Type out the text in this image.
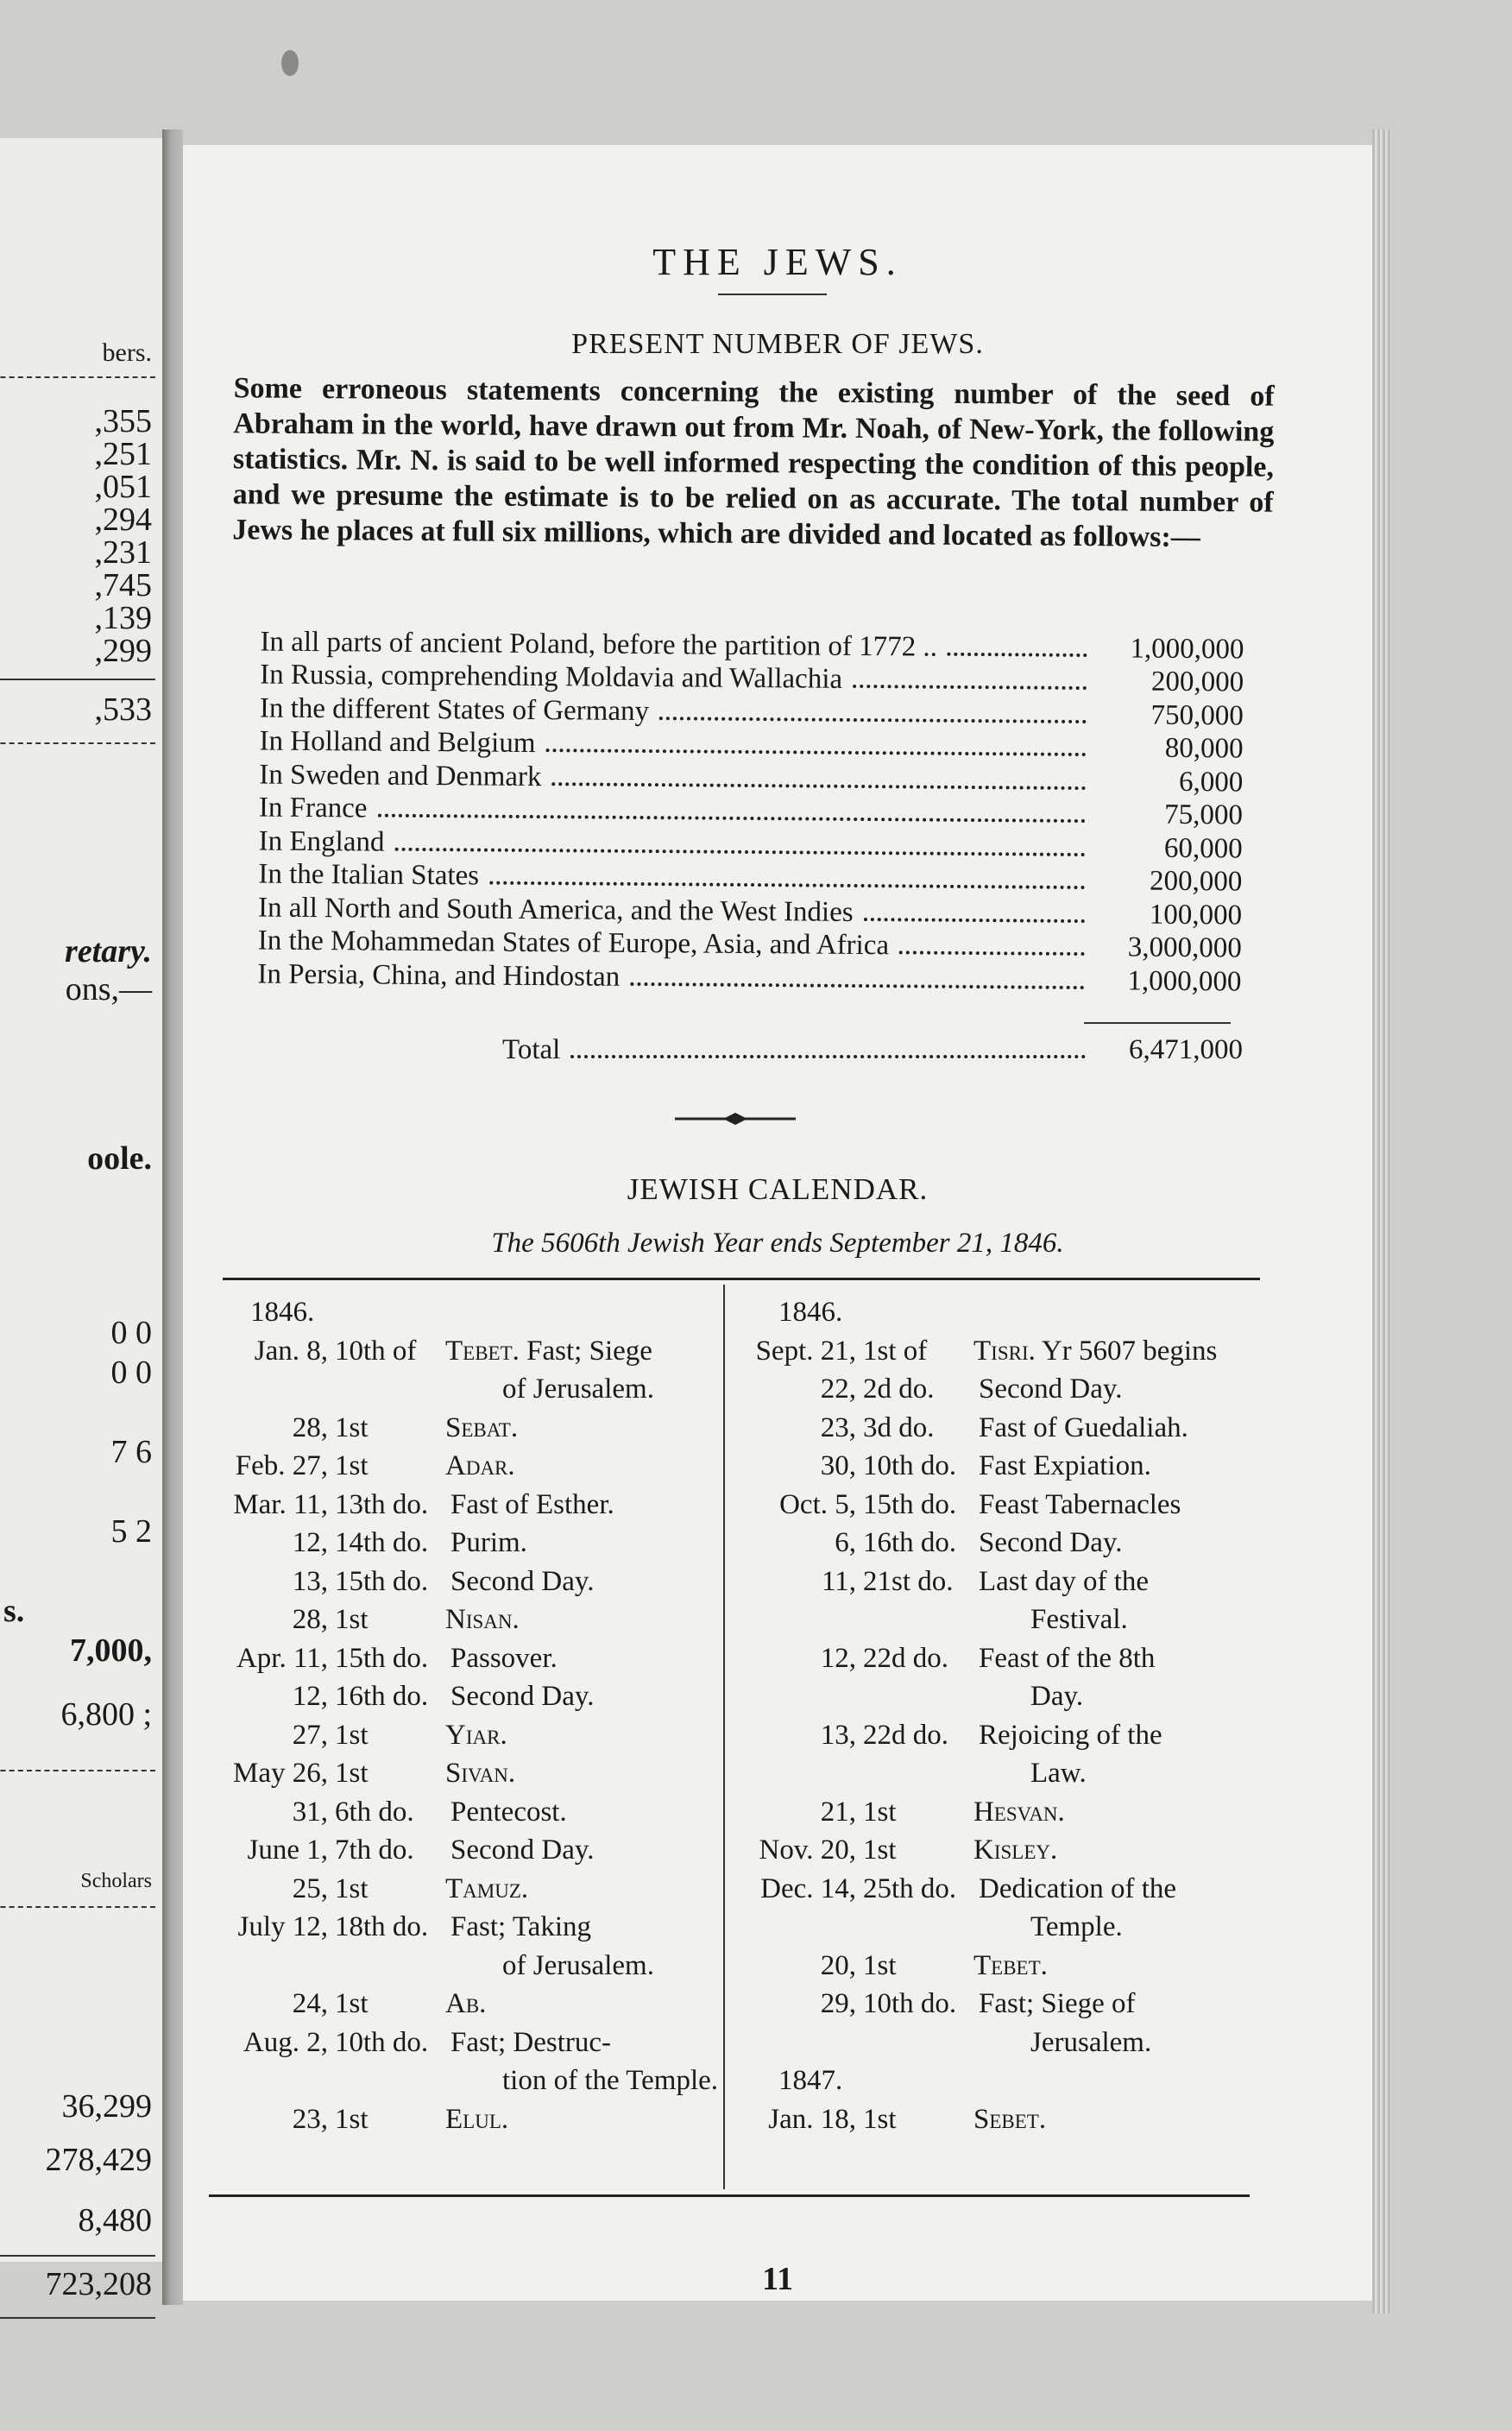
bers.
,355
,251
,051
,294
,231
,745
,139
,299
,533
retary.
ons,—
oole.
0 0
0 0
7 6
5 2
s.
7,000,
6,800 ;
Scholars
36,299
278,429
8,480
723,208
THE JEWS.
PRESENT NUMBER OF JEWS.
Some erroneous statements concerning the existing number of the seed of Abraham in the world, have drawn out from Mr. Noah, of New-York, the following statistics. Mr. N. is said to be well informed respecting the condition of this people, and we presume the estimate is to be relied on as accurate. The total number of Jews he places at full six millions, which are divided and located as follows:—
In all parts of ancient Poland, before the partition of 1772 ..	1,000,000
In Russia, comprehending Moldavia and Wallachia	200,000
In the different States of Germany	750,000
In Holland and Belgium	80,000
In Sweden and Denmark	6,000
In France	75,000
In England	60,000
In the Italian States	200,000
In all North and South America, and the West Indies	100,000
In the Mohammedan States of Europe, Asia, and Africa	3,000,000
In Persia, China, and Hindostan	1,000,000
Total	6,471,000
JEWISH CALENDAR.
The 5606th Jewish Year ends September 21, 1846.
1846.
Jan. 8, 10th of	Tebet. Fast; Siege
of Jerusalem.
28, 1st	Sebat.
Feb. 27, 1st	Adar.
Mar. 11, 13th do. Fast of Esther.
12, 14th do. Purim.
13, 15th do. Second Day.
28, 1st	Nisan.
Apr. 11, 15th do. Passover.
12, 16th do. Second Day.
27, 1st	Yiar.
May 26, 1st	Sivan.
31, 6th do.	Pentecost.
June 1, 7th do.	Second Day.
25, 1st	Tamuz.
July 12, 18th do. Fast; Taking
of Jerusalem.
24, 1st	Ab.
Aug. 2, 10th do. Fast; Destruc-
tion of the Temple.
23, 1st	Elul.
1846.
Sept. 21, 1st of	Tisri. Yr 5607 begins
22, 2d do.	Second Day.
23, 3d do.	Fast of Guedaliah.
30, 10th do. Fast Expiation.
Oct. 5, 15th do. Feast Tabernacles
6, 16th do. Second Day.
11, 21st do. Last day of the
Festival.
12, 22d do.	Feast of the 8th
Day.
13, 22d do.	Rejoicing of the
Law.
21, 1st	Hesvan.
Nov. 20, 1st	Kisley.
Dec. 14, 25th do. Dedication of the
Temple.
20, 1st	Tebet.
29, 10th do. Fast; Siege of
Jerusalem.
1847.
Jan. 18, 1st	Sebet.
11
